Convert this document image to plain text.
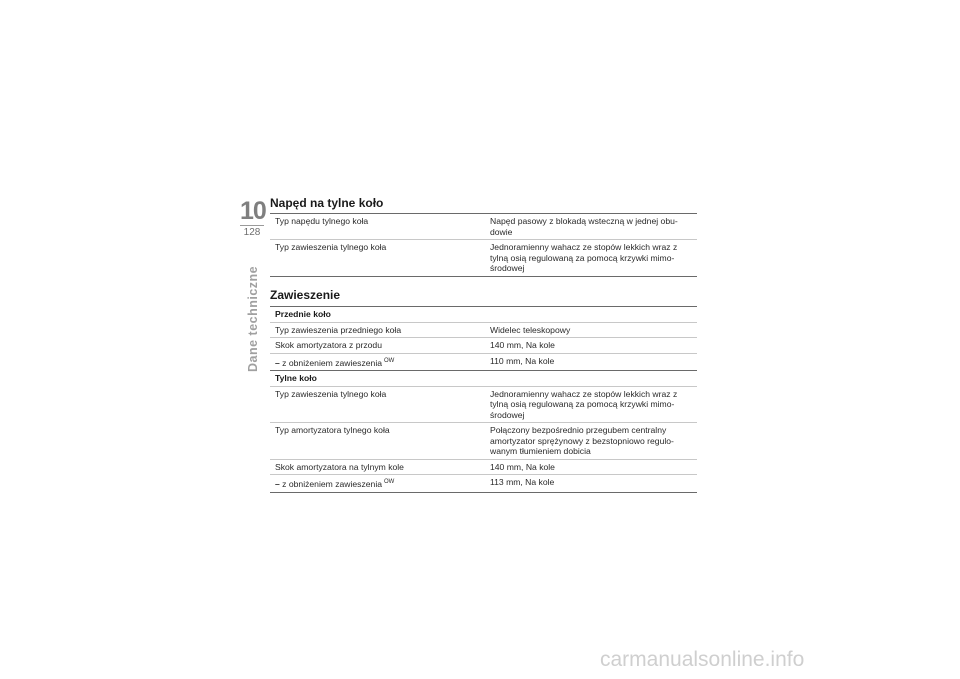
10
128
Dane techniczne
Napęd na tylne koło
Typ napędu tylnego koła	Napęd pasowy z blokadą wsteczną w jednej obu-dowie
Typ zawieszenia tylnego koła	Jednoramienny wahacz ze stopów lekkich wraz z tylną osią regulowaną za pomocą krzywki mimo-środowej
Zawieszenie
Przednie koło	
Typ zawieszenia przedniego koła	Widelec teleskopowy
Skok amortyzatora z przodu	140 mm, Na kole
– z obniżeniem zawieszenia $^{OW}$	110 mm, Na kole
Tylne koło	
Typ zawieszenia tylnego koła	Jednoramienny wahacz ze stopów lekkich wraz z tylną osią regulowaną za pomocą krzywki mimo-środowej
Typ amortyzatora tylnego koła	Połączony bezpośrednio przegubem centralny amortyzator sprężynowy z bezstopniowo regulo-wanym tłumieniem dobicia
Skok amortyzatora na tylnym kole	140 mm, Na kole
– z obniżeniem zawieszenia $^{OW}$	113 mm, Na kole
carmanualsonline.info
